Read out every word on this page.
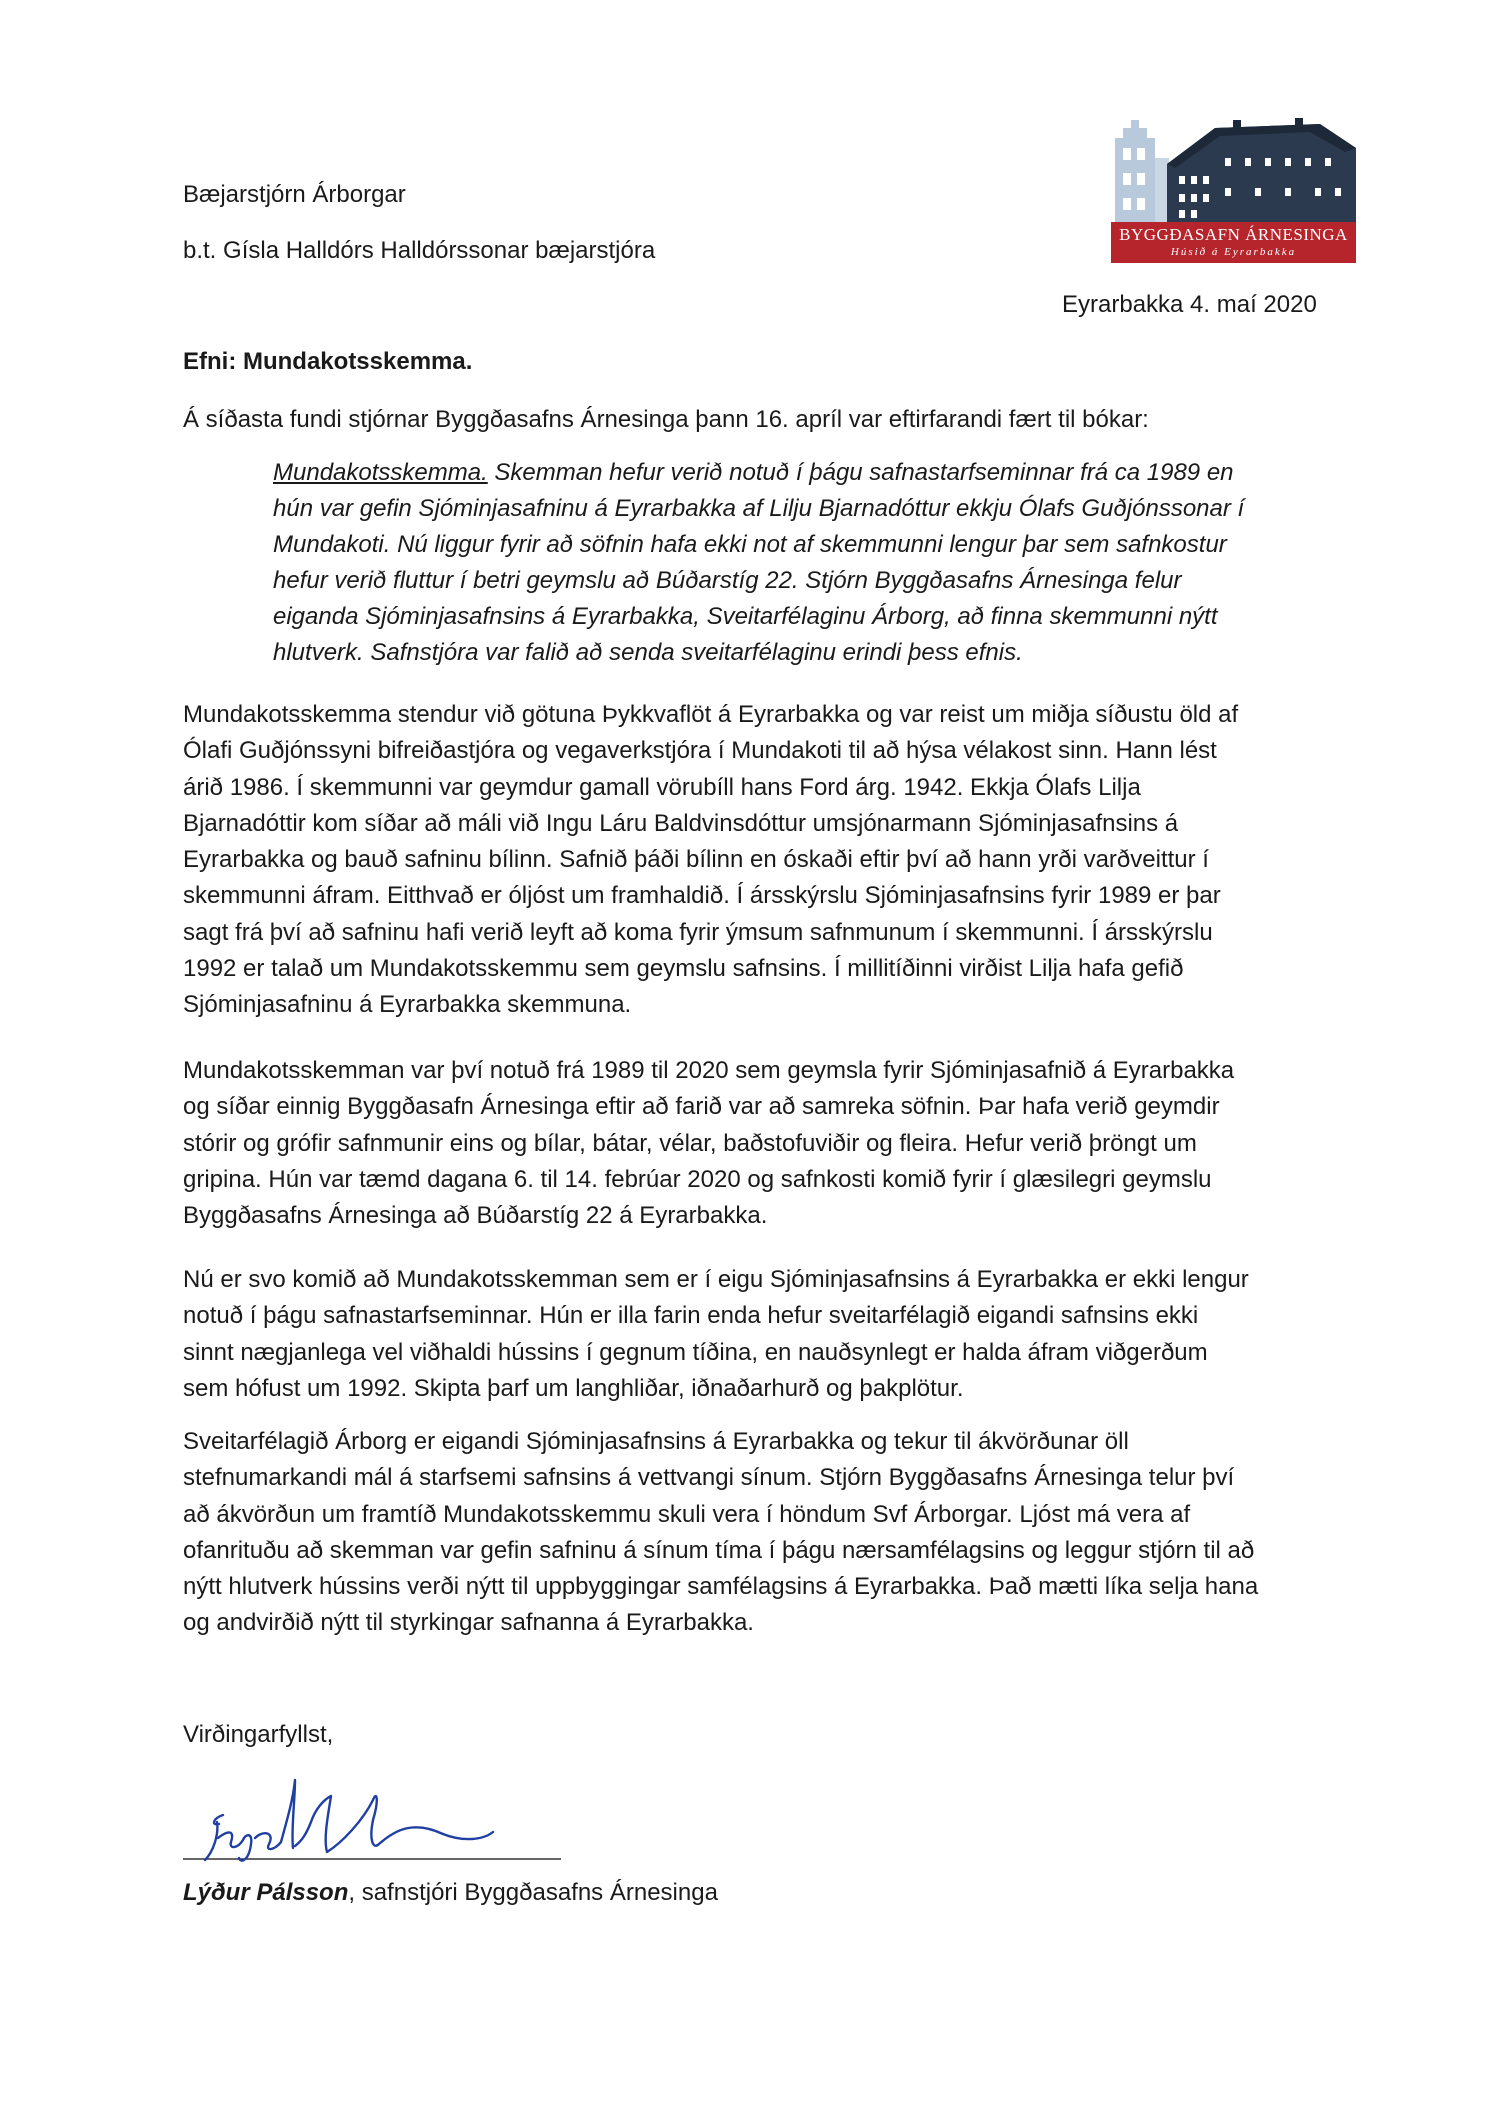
BYGGÐASAFN ÁRNESINGA
Húsið á Eyrarbakka
Bæjarstjórn Árborgar
b.t. Gísla Halldórs Halldórssonar bæjarstjóra
Eyrarbakka 4. maí 2020
Efni: Mundakotsskemma.
Á síðasta fundi stjórnar Byggðasafns Árnesinga þann 16. apríl var eftirfarandi fært til bókar:
Mundakotsskemma. Skemman hefur verið notuð í þágu safnastarfseminnar frá ca 1989 en
hún var gefin Sjóminjasafninu á Eyrarbakka af Lilju Bjarnadóttur ekkju Ólafs Guðjónssonar í
Mundakoti. Nú liggur fyrir að söfnin hafa ekki not af skemmunni lengur þar sem safnkostur
hefur verið fluttur í betri geymslu að Búðarstíg 22. Stjórn Byggðasafns Árnesinga felur
eiganda Sjóminjasafnsins á Eyrarbakka, Sveitarfélaginu Árborg, að finna skemmunni nýtt
hlutverk. Safnstjóra var falið að senda sveitarfélaginu erindi þess efnis.
Mundakotsskemma stendur við götuna Þykkvaflöt á Eyrarbakka og var reist um miðja síðustu öld af
Ólafi Guðjónssyni bifreiðastjóra og vegaverkstjóra í Mundakoti til að hýsa vélakost sinn. Hann lést
árið 1986. Í skemmunni var geymdur gamall vörubíll hans Ford árg. 1942. Ekkja Ólafs Lilja
Bjarnadóttir kom síðar að máli við Ingu Láru Baldvinsdóttur umsjónarmann Sjóminjasafnsins á
Eyrarbakka og bauð safninu bílinn. Safnið þáði bílinn en óskaði eftir því að hann yrði varðveittur í
skemmunni áfram. Eitthvað er óljóst um framhaldið. Í ársskýrslu Sjóminjasafnsins fyrir 1989 er þar
sagt frá því að safninu hafi verið leyft að koma fyrir ýmsum safnmunum í skemmunni. Í ársskýrslu
1992 er talað um Mundakotsskemmu sem geymslu safnsins. Í millitíðinni virðist Lilja hafa gefið
Sjóminjasafninu á Eyrarbakka skemmuna.
Mundakotsskemman var því notuð frá 1989 til 2020 sem geymsla fyrir Sjóminjasafnið á Eyrarbakka
og síðar einnig Byggðasafn Árnesinga eftir að farið var að samreka söfnin. Þar hafa verið geymdir
stórir og grófir safnmunir eins og bílar, bátar, vélar, baðstofuviðir og fleira. Hefur verið þröngt um
gripina. Hún var tæmd dagana 6. til 14. febrúar 2020 og safnkosti komið fyrir í glæsilegri geymslu
Byggðasafns Árnesinga að Búðarstíg 22 á Eyrarbakka.
Nú er svo komið að Mundakotsskemman sem er í eigu Sjóminjasafnsins á Eyrarbakka er ekki lengur
notuð í þágu safnastarfseminnar. Hún er illa farin enda hefur sveitarfélagið eigandi safnsins ekki
sinnt nægjanlega vel viðhaldi hússins í gegnum tíðina, en nauðsynlegt er halda áfram viðgerðum
sem hófust um 1992. Skipta þarf um langhliðar, iðnaðarhurð og þakplötur.
Sveitarfélagið Árborg er eigandi Sjóminjasafnsins á Eyrarbakka og tekur til ákvörðunar öll
stefnumarkandi mál á starfsemi safnsins á vettvangi sínum. Stjórn Byggðasafns Árnesinga telur því
að ákvörðun um framtíð Mundakotsskemmu skuli vera í höndum Svf Árborgar. Ljóst má vera af
ofanrituðu að skemman var gefin safninu á sínum tíma í þágu nærsamfélagsins og leggur stjórn til að
nýtt hlutverk hússins verði nýtt til uppbyggingar samfélagsins á Eyrarbakka. Það mætti líka selja hana
og andvirðið nýtt til styrkingar safnanna á Eyrarbakka.
Virðingarfyllst,
Lýður Pálsson, safnstjóri Byggðasafns Árnesinga
